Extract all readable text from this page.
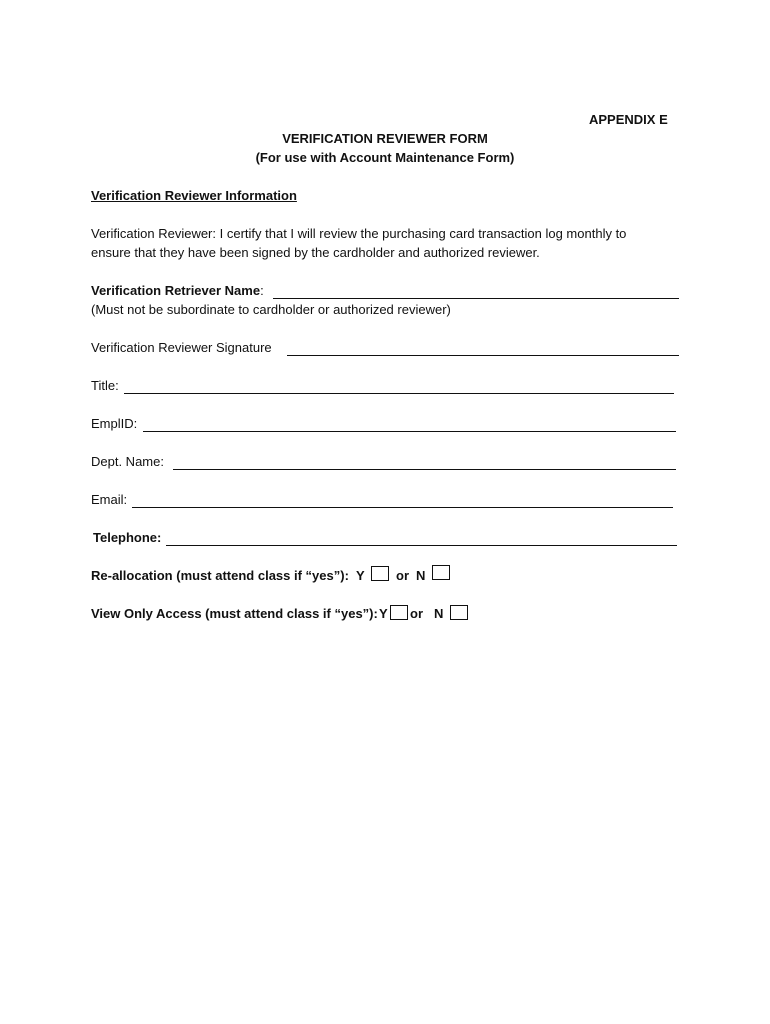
APPENDIX E
VERIFICATION REVIEWER FORM
(For use with Account Maintenance Form)
Verification Reviewer Information
Verification Reviewer: I certify that I will review the purchasing card transaction log monthly to
ensure that they have been signed by the cardholder and authorized reviewer.
Verification Retriever Name:
(Must not be subordinate to cardholder or authorized reviewer)
Verification Reviewer Signature
Title:
EmplID:
Dept. Name:
Email:
Telephone:
Re-allocation (must attend class if “yes”): Y or N
View Only Access (must attend class if “yes”): Y or N
